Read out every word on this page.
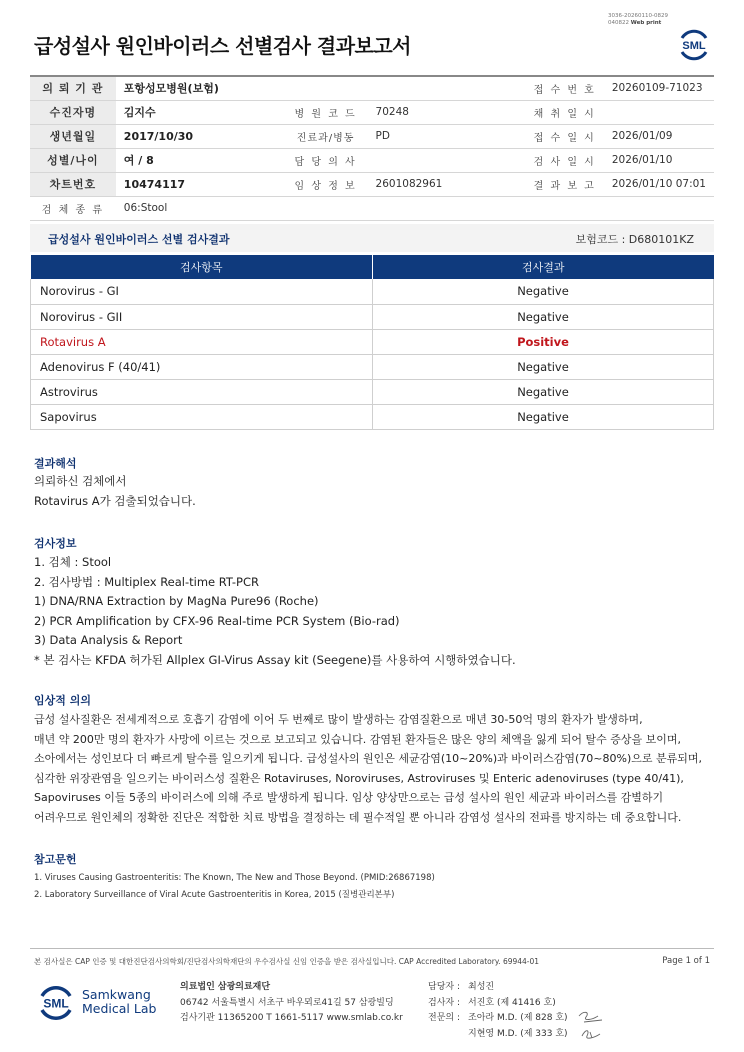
3036-20260110-0829
040822 Web print
급성설사 원인바이러스 선별검사 결과보고서	SML
의 뢰 기 관	포항성모병원(보험)			접 수 번 호	20260109-71023
수진자명	김지수	병 원 코 드	70248	채 취 일 시	
생년월일	2017/10/30	진료과/병동	PD	접 수 일 시	2026/01/09
성별/나이	여 / 8	담 당 의 사		검 사 일 시	2026/01/10
차트번호	10474117	임 상 정 보	2601082961	결 과 보 고	2026/01/10 07:01
검 체 종 류	06:Stool				
급성설사 원인바이러스 선별 검사결과	보험코드 : D680101KZ
검사항목	검사결과
Norovirus - GI	Negative
Norovirus - GII	Negative
Rotavirus A	Positive
Adenovirus F (40/41)	Negative
Astrovirus	Negative
Sapovirus	Negative
결과해석
의뢰하신 검체에서
Rotavirus A가 검출되었습니다.
검사정보
1. 검체 : Stool
2. 검사방법 : Multiplex Real-time RT-PCR
1) DNA/RNA Extraction by MagNa Pure96 (Roche)
2) PCR Amplification by CFX-96 Real-time PCR System (Bio-rad)
3) Data Analysis & Report
* 본 검사는 KFDA 허가된 Allplex GI-Virus Assay kit (Seegene)를 사용하여 시행하였습니다.
임상적 의의
급성 설사질환은 전세계적으로 호흡기 감염에 이어 두 번째로 많이 발생하는 감염질환으로 매년 30-50억 명의 환자가 발생하며,
매년 약 200만 명의 환자가 사망에 이르는 것으로 보고되고 있습니다. 감염된 환자들은 많은 양의 체액을 잃게 되어 탈수 증상을 보이며,
소아에서는 성인보다 더 빠르게 탈수를 일으키게 됩니다. 급성설사의 원인은 세균감염(10~20%)과 바이러스감염(70~80%)으로 분류되며,
심각한 위장관염을 일으키는 바이러스성 질환은 Rotaviruses, Noroviruses, Astroviruses 및 Enteric adenoviruses (type 40/41),
Sapoviruses 이들 5종의 바이러스에 의해 주로 발생하게 됩니다. 임상 양상만으로는 급성 설사의 원인 세균과 바이러스를 감별하기
어려우므로 원인체의 정확한 진단은 적합한 치료 방법을 결정하는 데 필수적일 뿐 아니라 감염성 설사의 전파를 방지하는 데 중요합니다.
참고문헌
1. Viruses Causing Gastroenteritis: The Known, The New and Those Beyond. (PMID:26867198)
2. Laboratory Surveillance of Viral Acute Gastroenteritis in Korea, 2015 (질병관리본부)
본 검사실은 CAP 인증 및 대한진단검사의학회/진단검사의학재단의 우수검사실 신임 인증을 받은 검사실입니다. CAP Accredited Laboratory. 69944-01	Page 1 of 1
SML
Samkwang
Medical Lab
의료법인 삼광의료재단
06742 서울특별시 서초구 바우뫼로41길 57 삼광빌딩
검사기관 11365200 T 1661-5117 www.smlab.co.kr
담당자 : 최성진
검사자 : 서진호 (제 41416 호)
전문의 : 조아라 M.D. (제 828 호)
지현영 M.D. (제 333 호)
